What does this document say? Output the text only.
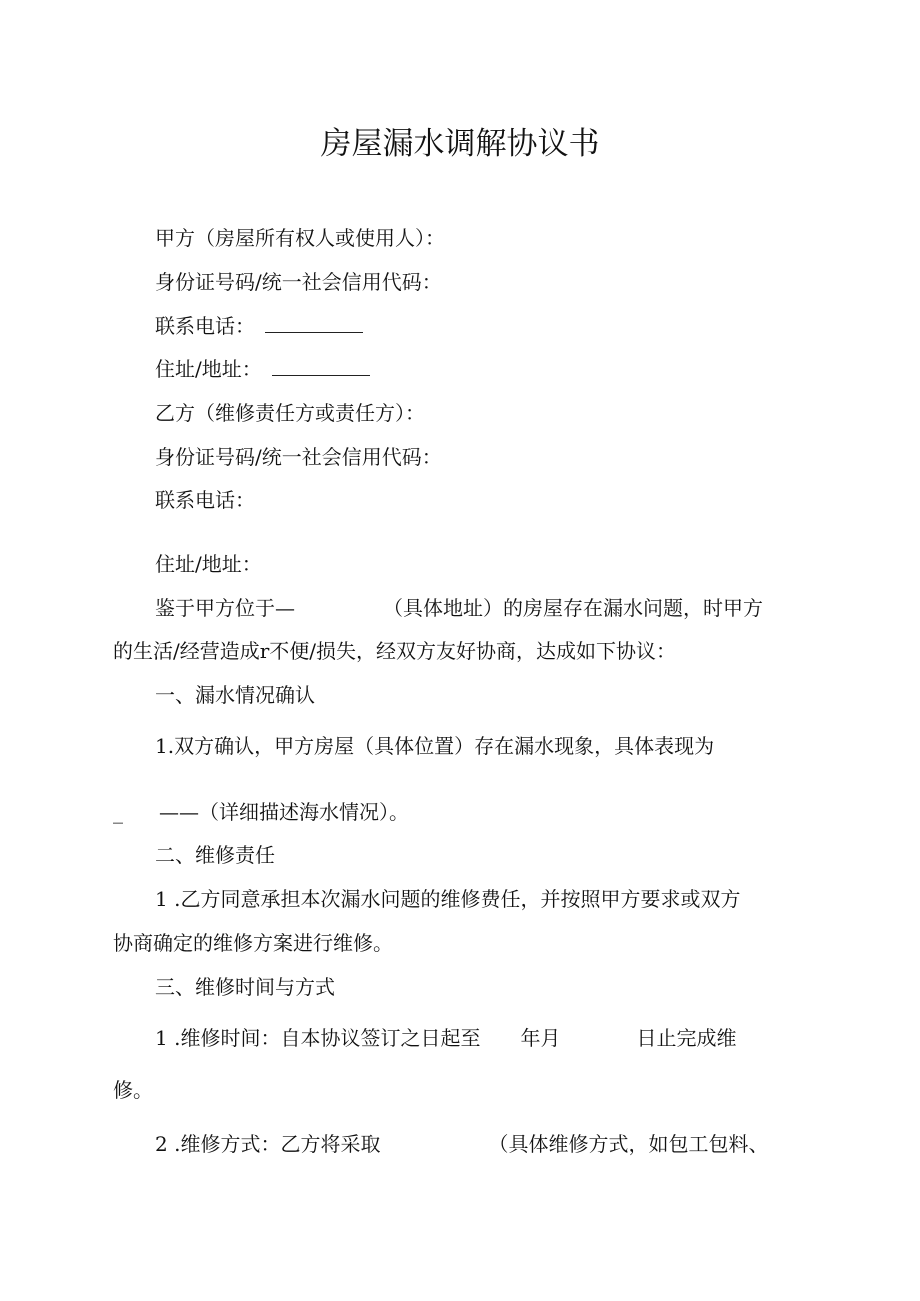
房屋漏水调解协议书
甲方（房屋所有权人或使用人）：
身份证号码/统一社会信用代码：
联系电话：
住址/地址：
乙方（维修责任方或责任方）：
身份证号码/统一社会信用代码：
联系电话：
住址/地址：
鉴于甲方位于—	（具体地址）的房屋存在漏水问题，时甲方
的生活/经营造成r不便/损失，经双方友好协商，达成如下协议：
一、漏水情况确认
1.双方确认，甲方房屋（具体位置）存在漏水现象，具体表现为
_ ——（详细描述海水情况）。
二、维修责任
1 .乙方同意承担本次漏水问题的维修费任，并按照甲方要求或双方
协商确定的维修方案进行维修。
三、维修时间与方式
1 .维修时间：自本协议签订之日起至 年月	日止完成维
修。
2 .维修方式：乙方将采取	（具体维修方式，如包工包料、
